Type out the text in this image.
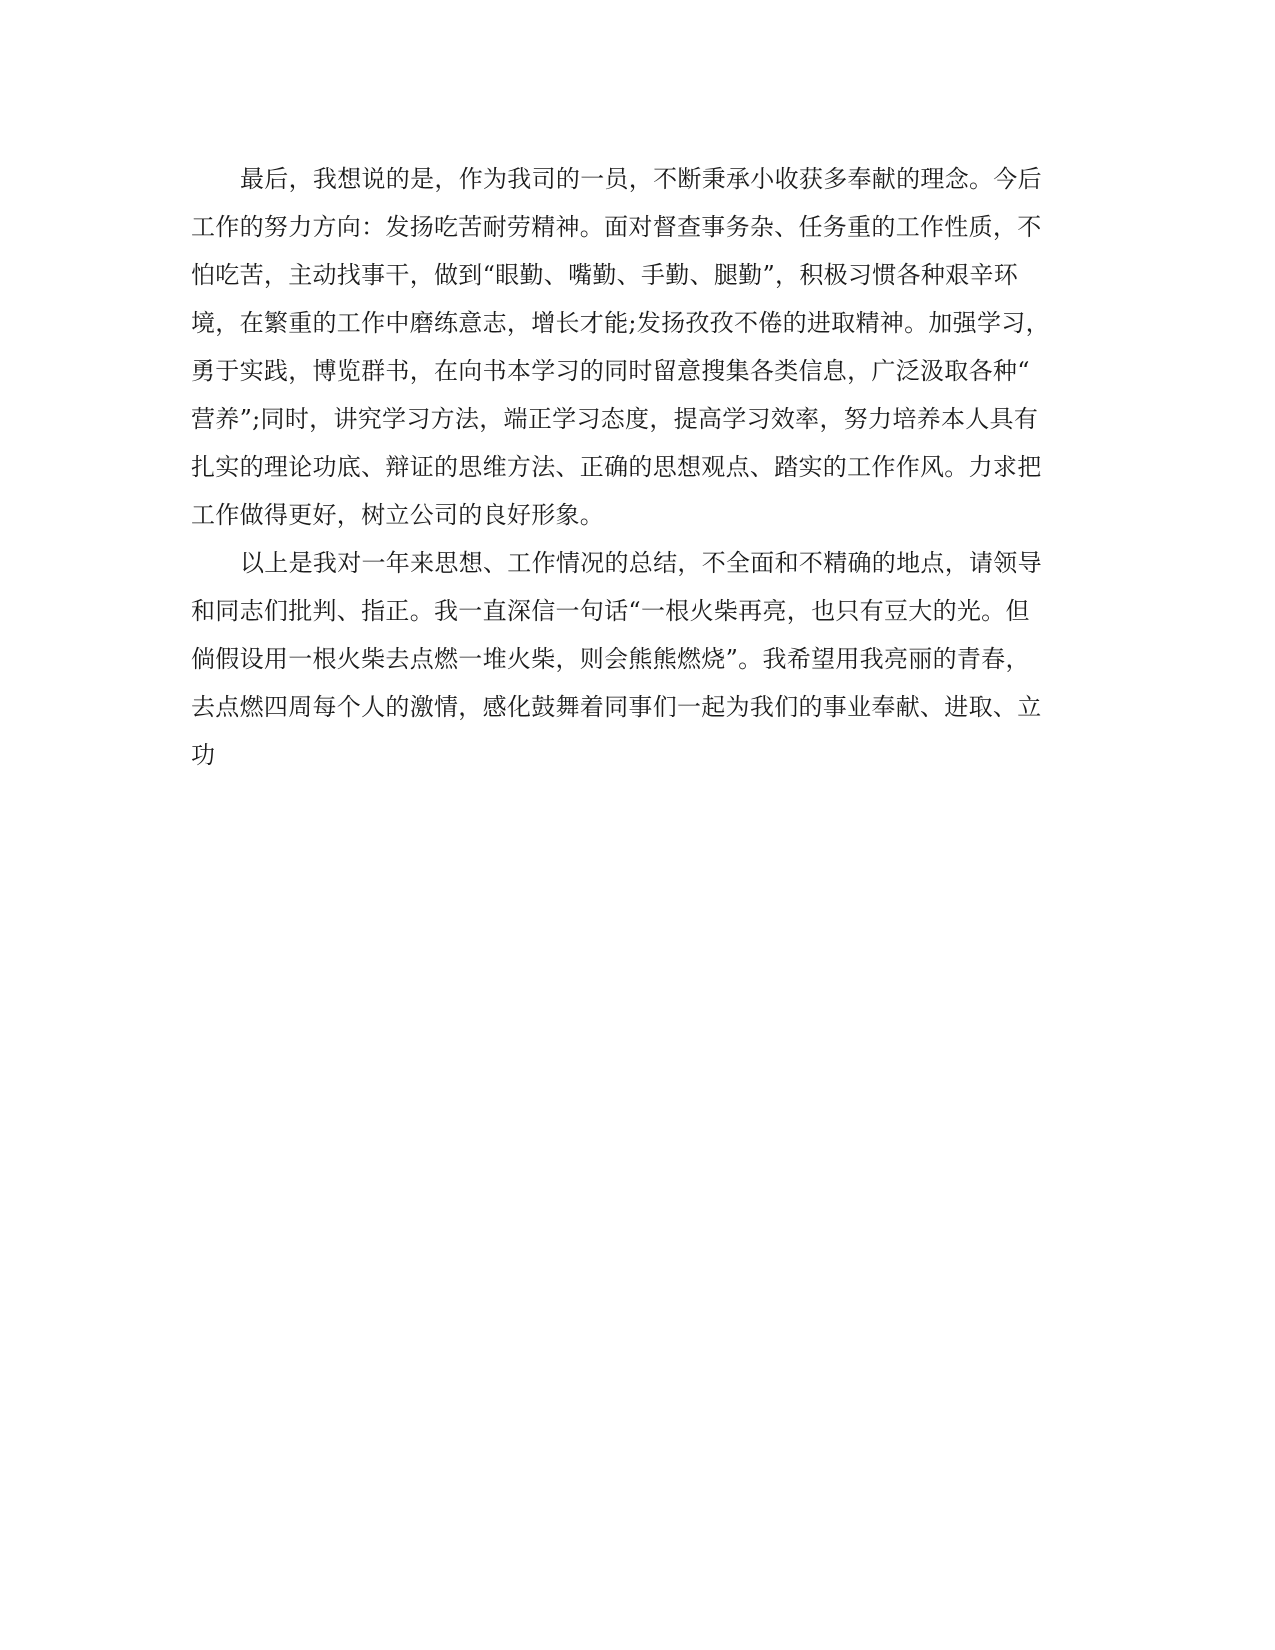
最后，我想说的是，作为我司的一员，不断秉承小收获多奉献的理念。今后
工作的努力方向：发扬吃苦耐劳精神。面对督查事务杂、任务重的工作性质，不
怕吃苦，主动找事干，做到“眼勤、嘴勤、手勤、腿勤”，积极习惯各种艰辛环
境，在繁重的工作中磨练意志，增长才能;发扬孜孜不倦的进取精神。加强学习，
勇于实践，博览群书，在向书本学习的同时留意搜集各类信息，广泛汲取各种“
营养”;同时，讲究学习方法，端正学习态度，提高学习效率，努力培养本人具有
扎实的理论功底、辩证的思维方法、正确的思想观点、踏实的工作作风。力求把
工作做得更好，树立公司的良好形象。
以上是我对一年来思想、工作情况的总结，不全面和不精确的地点，请领导
和同志们批判、指正。我一直深信一句话“一根火柴再亮，也只有豆大的光。但
倘假设用一根火柴去点燃一堆火柴，则会熊熊燃烧”。我希望用我亮丽的青春，
去点燃四周每个人的激情，感化鼓舞着同事们一起为我们的事业奉献、进取、立
功
